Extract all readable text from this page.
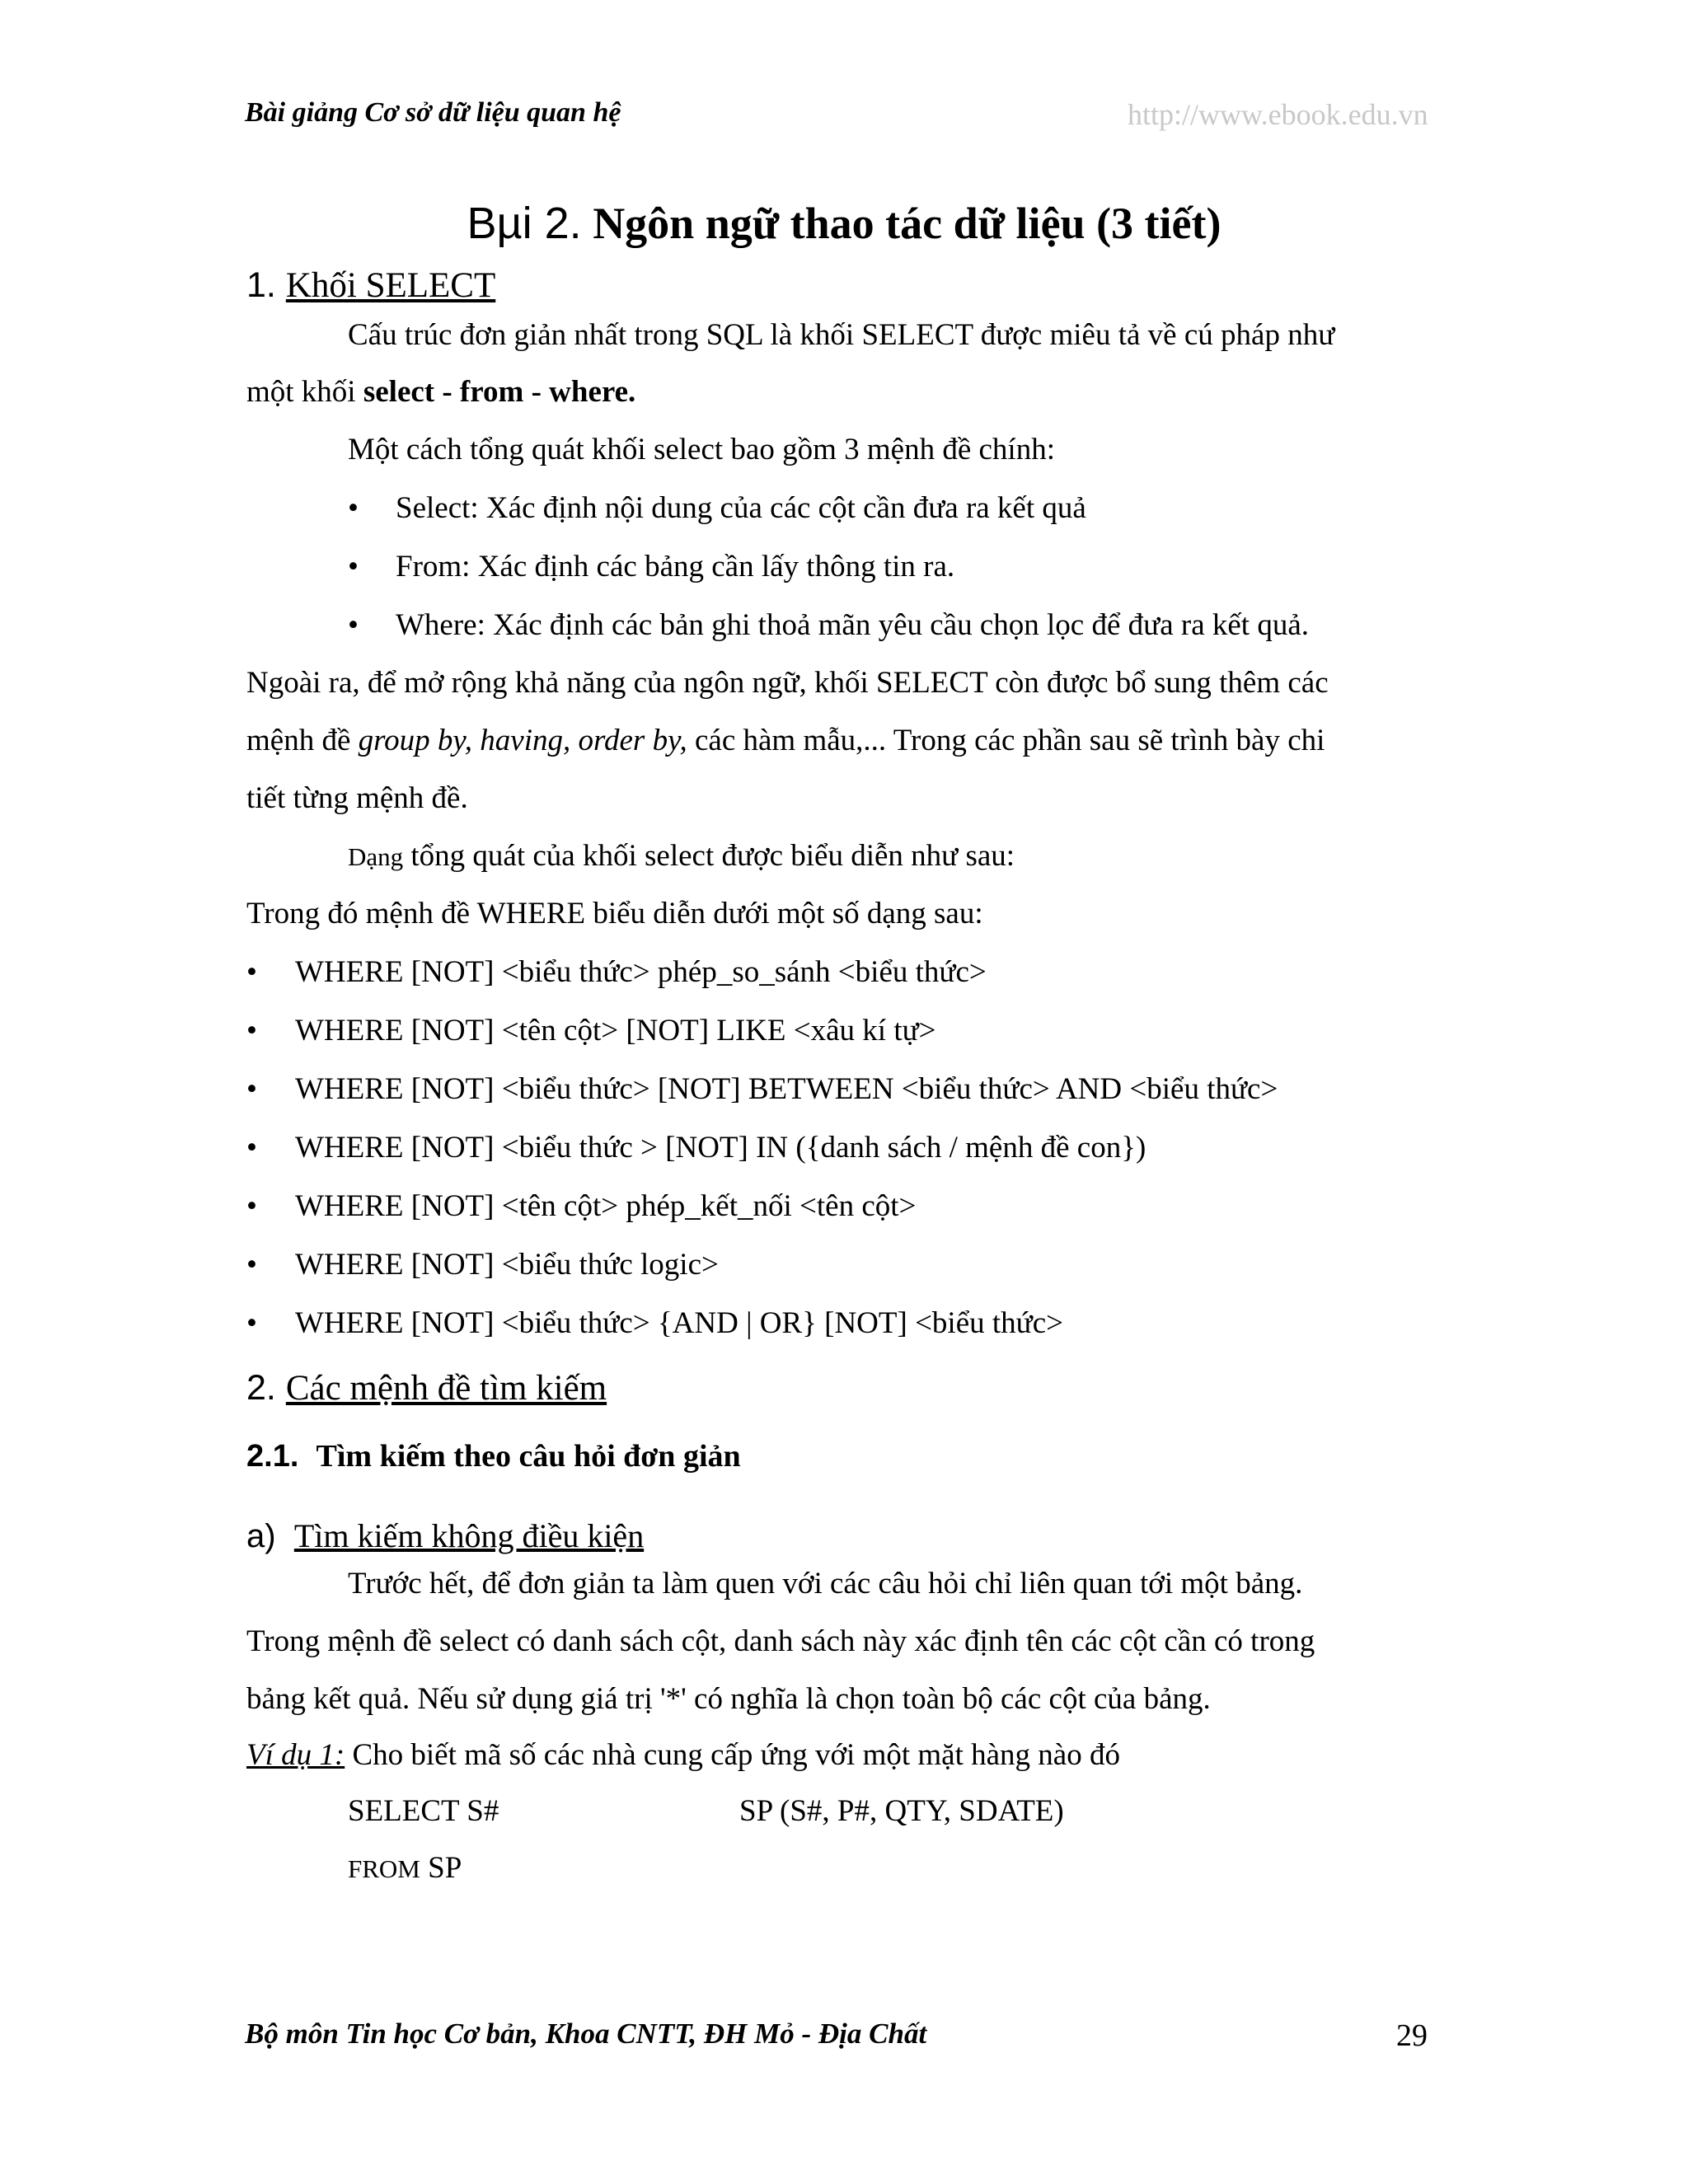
Bài giảng Cơ sở dữ liệu quan hệ	http://www.ebook.edu.vn
Bµi 2. Ngôn ngữ thao tác dữ liệu (3 tiết)
1. Khối SELECT
Cấu trúc đơn giản nhất trong SQL là khối SELECT được miêu tả về cú pháp như
một khối select - from - where.
Một cách tổng quát khối select bao gồm 3 mệnh đề chính:
• Select: Xác định nội dung của các cột cần đưa ra kết quả
• From: Xác định các bảng cần lấy thông tin ra.
• Where: Xác định các bản ghi thoả mãn yêu cầu chọn lọc để đưa ra kết quả.
Ngoài ra, để mở rộng khả năng của ngôn ngữ, khối SELECT còn được bổ sung thêm các
mệnh đề group by, having, order by, các hàm mẫu,... Trong các phần sau sẽ trình bày chi
tiết từng mệnh đề.
Dạng tổng quát của khối select được biểu diễn như sau:
Trong đó mệnh đề WHERE biểu diễn dưới một số dạng sau:
• WHERE [NOT] <biểu thức> phép_so_sánh <biểu thức>
• WHERE [NOT] <tên cột> [NOT] LIKE <xâu kí tự>
• WHERE [NOT] <biểu thức> [NOT] BETWEEN <biểu thức> AND <biểu thức>
• WHERE [NOT] <biểu thức > [NOT] IN ({danh sách / mệnh đề con})
• WHERE [NOT] <tên cột> phép_kết_nối <tên cột>
• WHERE [NOT] <biểu thức logic>
• WHERE [NOT] <biểu thức> {AND | OR} [NOT] <biểu thức>
2. Các mệnh đề tìm kiếm
2.1. Tìm kiếm theo câu hỏi đơn giản
a) Tìm kiếm không điều kiện
Trước hết, để đơn giản ta làm quen với các câu hỏi chỉ liên quan tới một bảng.
Trong mệnh đề select có danh sách cột, danh sách này xác định tên các cột cần có trong
bảng kết quả. Nếu sử dụng giá trị '*' có nghĩa là chọn toàn bộ các cột của bảng.
Ví dụ 1: Cho biết mã số các nhà cung cấp ứng với một mặt hàng nào đó
SELECT S#	SP (S#, P#, QTY, SDATE)
FROM SP
Bộ môn Tin học Cơ bản, Khoa CNTT, ĐH Mỏ - Địa Chất	29
